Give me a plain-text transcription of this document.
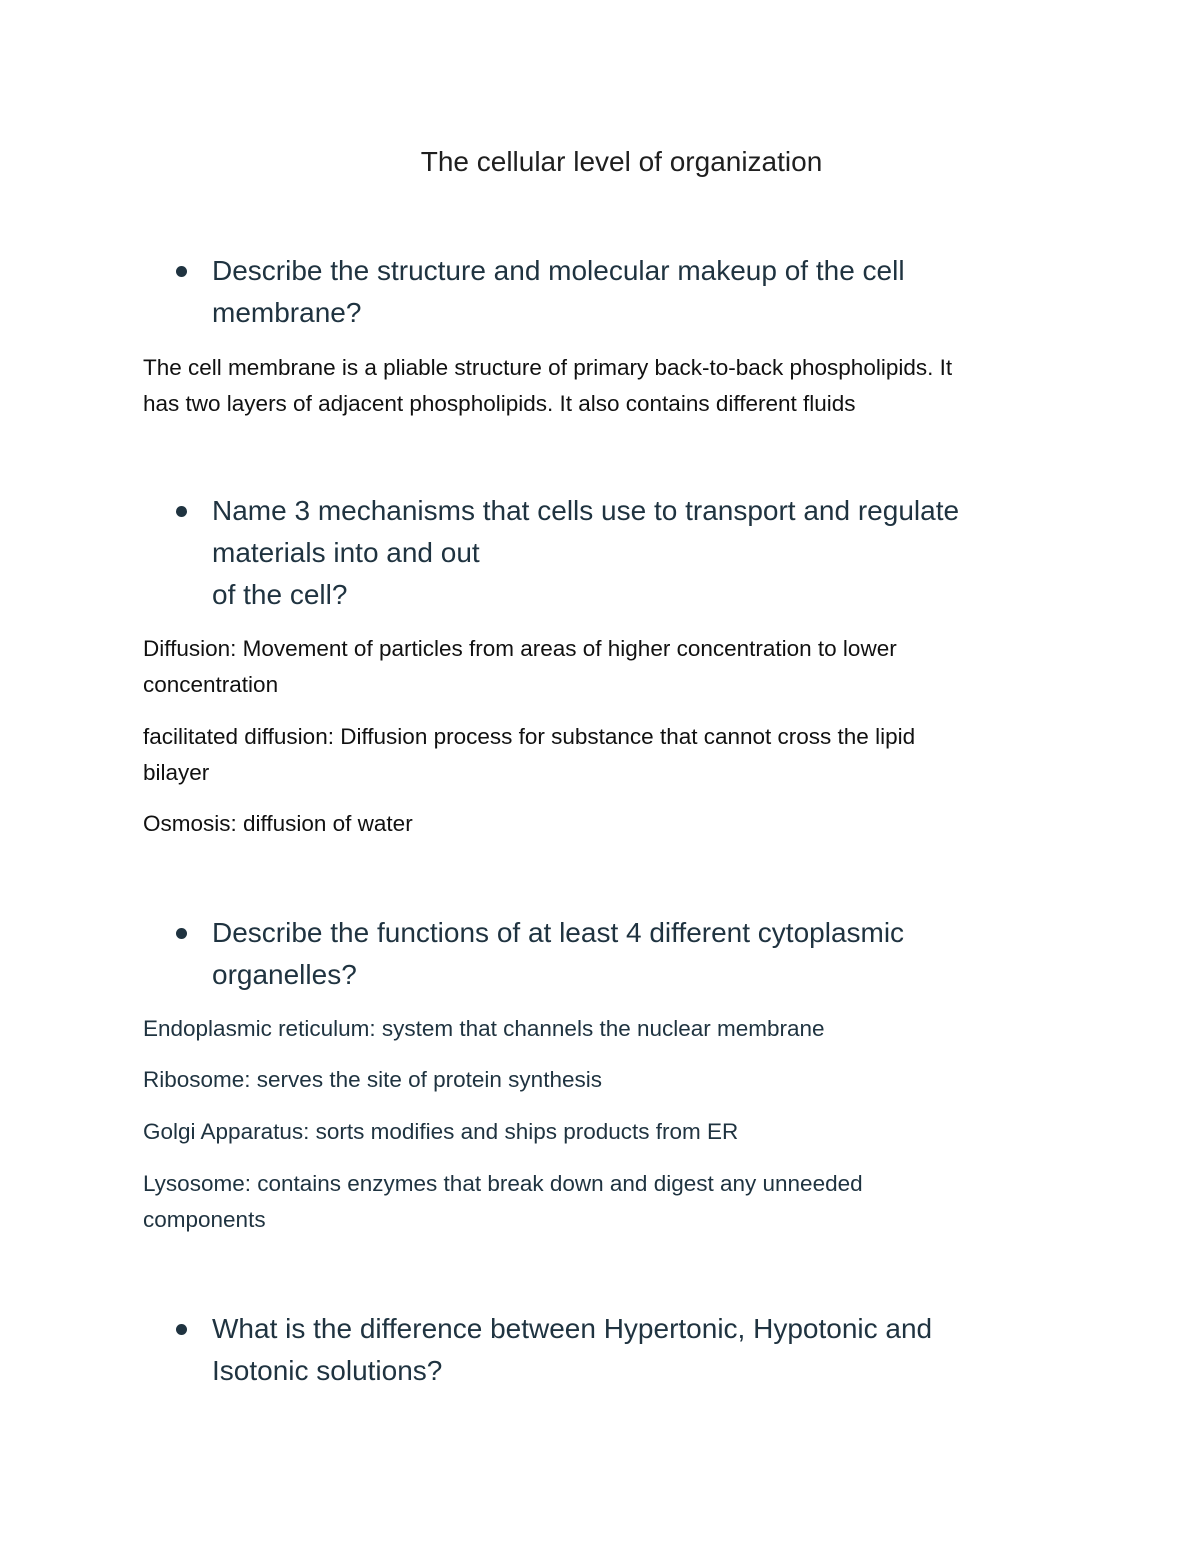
The cellular level of organization
Describe the structure and molecular makeup of the cell
membrane?
The cell membrane is a pliable structure of primary back-to-back phospholipids. It
has two layers of adjacent phospholipids. It also contains different fluids
Name 3 mechanisms that cells use to transport and regulate
materials into and out
of the cell?
Diffusion: Movement of particles from areas of higher concentration to lower
concentration
facilitated diffusion: Diffusion process for substance that cannot cross the lipid
bilayer
Osmosis: diffusion of water
Describe the functions of at least 4 different cytoplasmic
organelles?
Endoplasmic reticulum: system that channels the nuclear membrane
Ribosome: serves the site of protein synthesis
Golgi Apparatus: sorts modifies and ships products from ER
Lysosome: contains enzymes that break down and digest any unneeded
components
What is the difference between Hypertonic, Hypotonic and
Isotonic solutions?
